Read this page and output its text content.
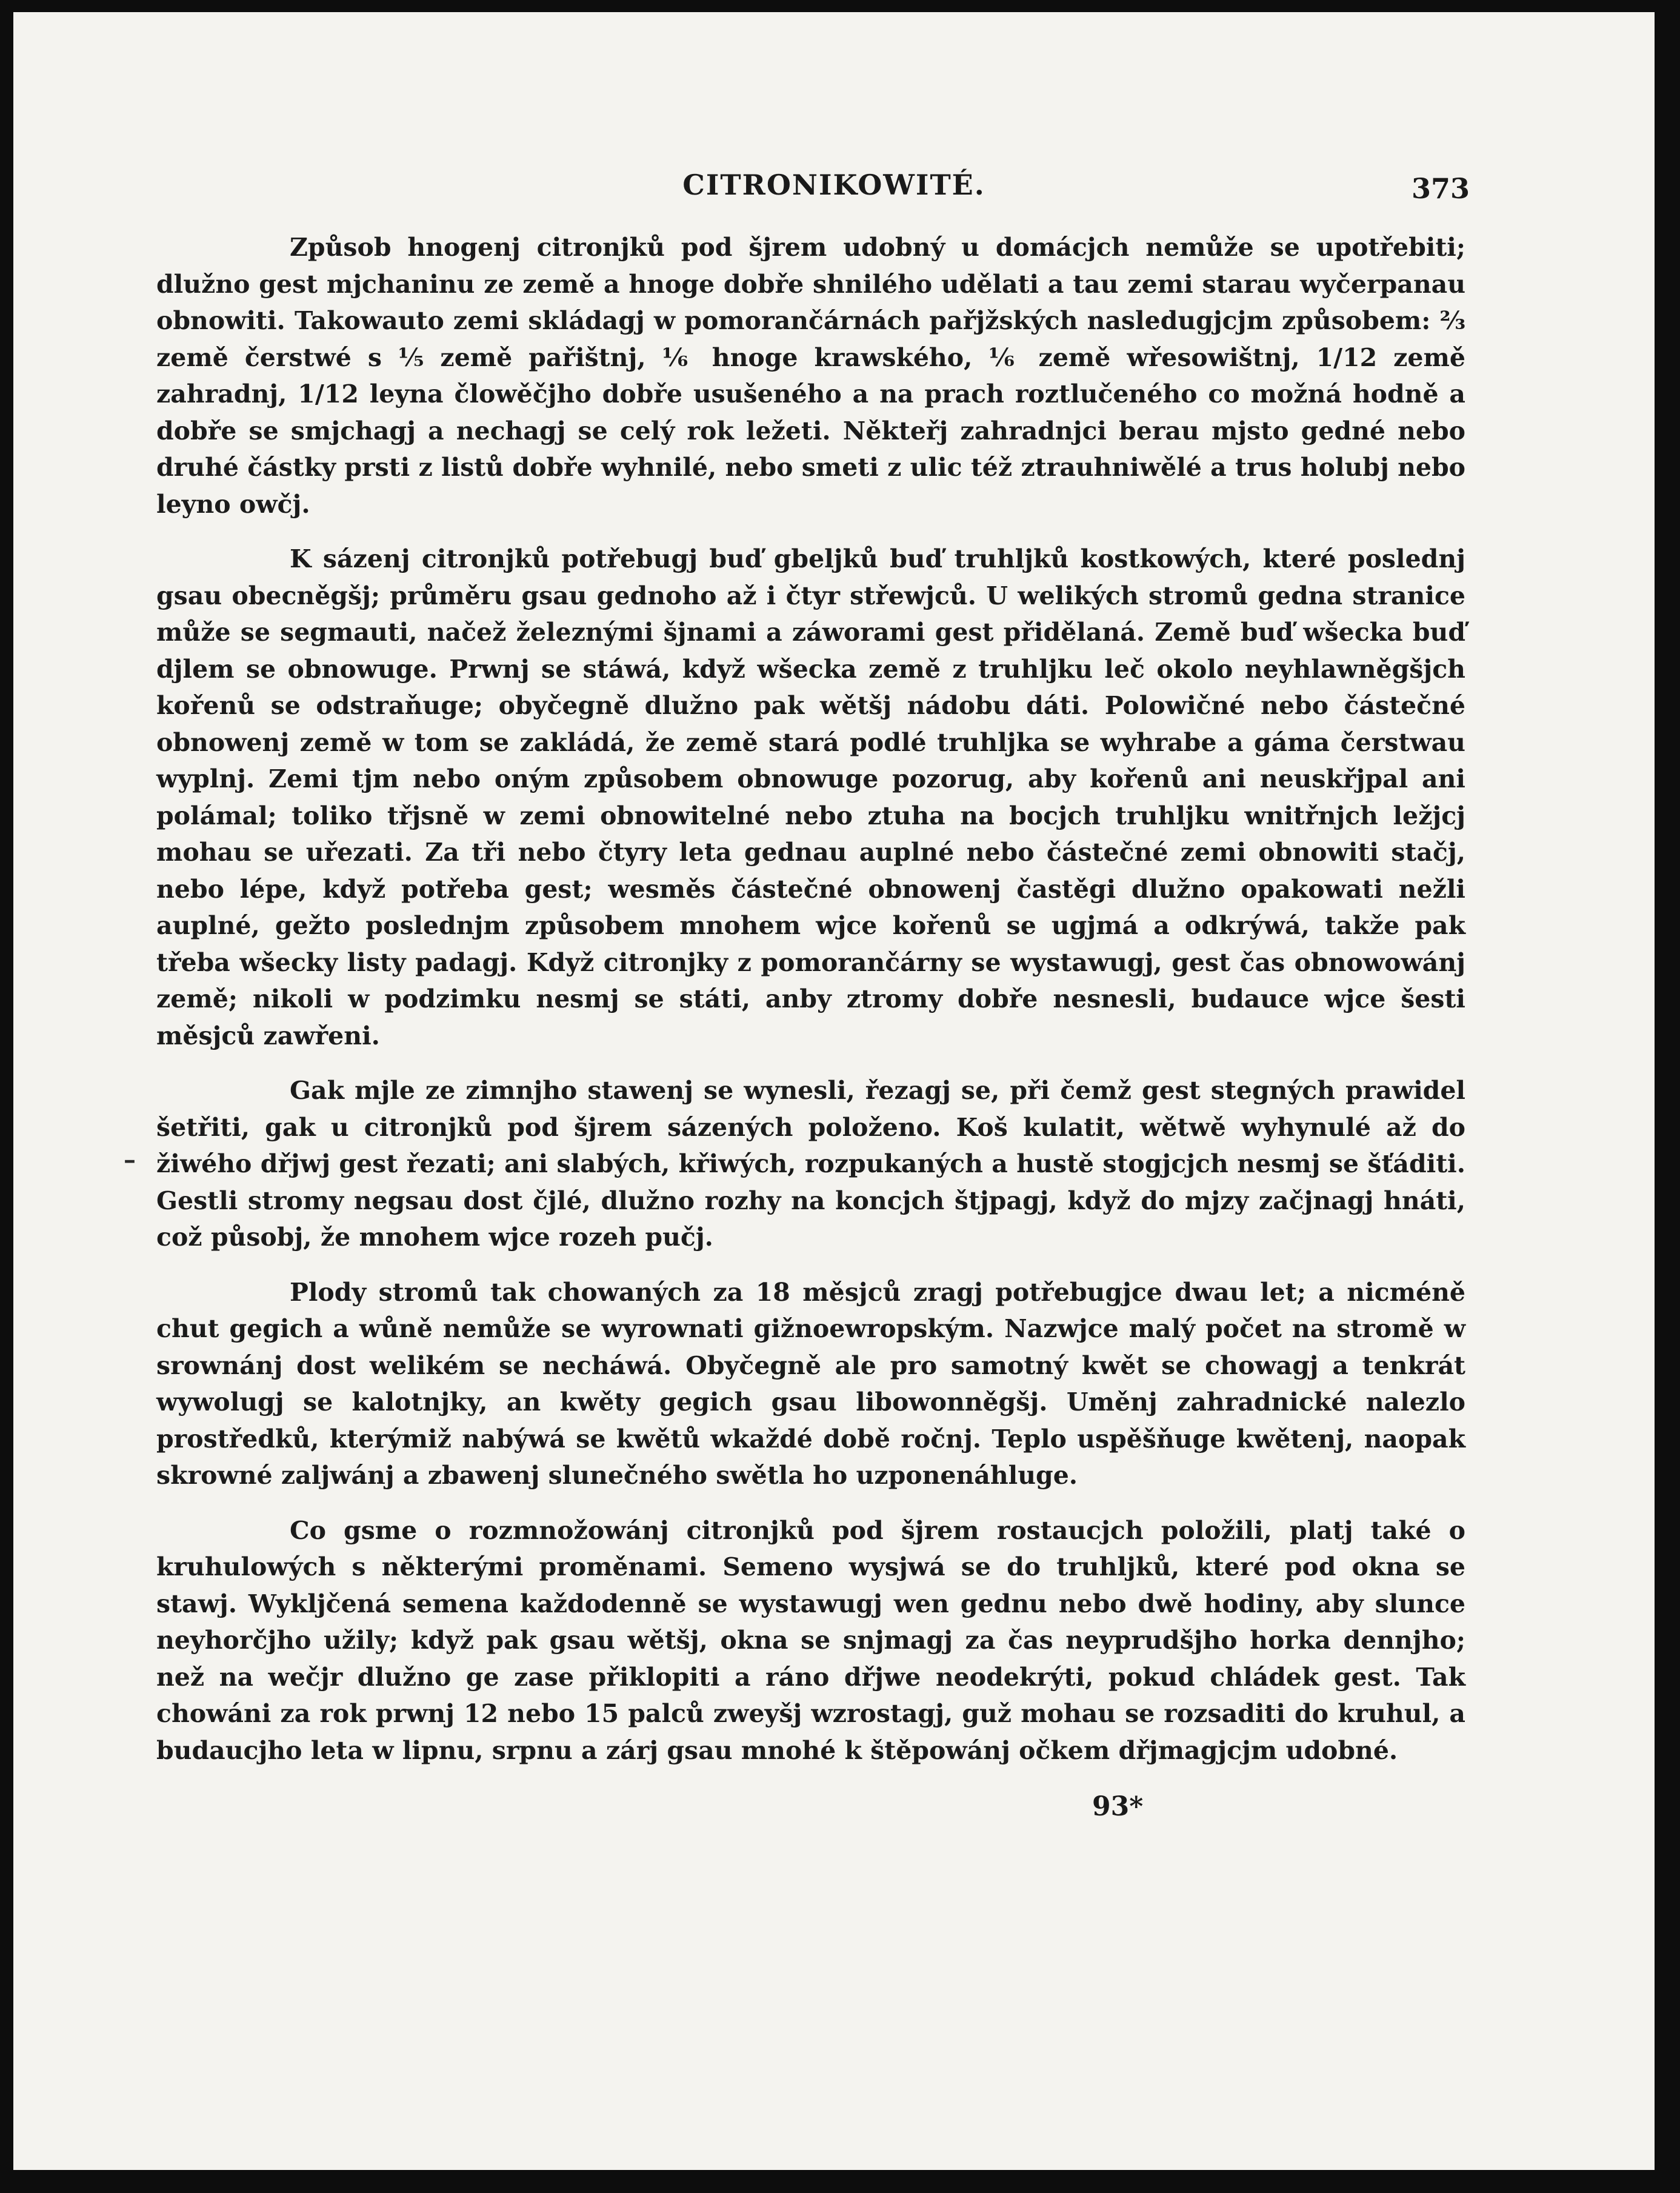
CITRONIKOWITÉ.	373

Způsob hnogenj citronjků pod šjrem udobný u domácjch nemůže se upotřebiti; dlužno gest mjchaninu ze země a hnoge dobře shnilého udělati a tau zemi starau wyčerpanau obnowiti. Takowauto zemi skládagj w pomorančárnách pařjžských nasledugjcjm způsobem: ⅔ země čerstwé s ⅕ země pařištnj, ⅙ hnoge krawského, ⅙ země wřesowištnj, 1/12 země zahradnj, 1/12 leyna člowěčjho dobře usušeného a na prach roztlučeného co možná hodně a dobře se smjchagj a nechagj se celý rok ležeti. Někteřj zahradnjci berau mjsto gedné nebo druhé částky prsti z listů dobře wyhnilé, nebo smeti z ulic též ztrauhniwělé a trus holubj nebo leyno owčj.

K sázenj citronjků potřebugj buď gbeljků buď truhljků kostkowých, které poslednj gsau obecněgšj; průměru gsau gednoho až i čtyr střewjců. U welikých stromů gedna stranice může se segmauti, načež železnými šjnami a záworami gest přidělaná. Země buď wšecka buď djlem se obnowuge. Prwnj se stáwá, když wšecka země z truhljku leč okolo neyhlawněgšjch kořenů se odstraňuge; obyčegně dlužno pak wětšj nádobu dáti. Polowičné nebo částečné obnowenj země w tom se zakládá, že země stará podlé truhljka se wyhrabe a gáma čerstwau wyplnj. Zemi tjm nebo oným způsobem obnowuge pozorug, aby kořenů ani neuskřjpal ani polámal; toliko třjsně w zemi obnowitelné nebo ztuha na bocjch truhljku wnitřnjch ležjcj mohau se uřezati. Za tři nebo čtyry leta gednau auplné nebo částečné zemi obnowiti stačj, nebo lépe, když potřeba gest; wesměs částečné obnowenj častěgi dlužno opakowati nežli auplné, gežto poslednjm způsobem mnohem wjce kořenů se ugjmá a odkrýwá, takže pak třeba wšecky listy padagj. Když citronjky z pomorančárny se wystawugj, gest čas obnowowánj země; nikoli w podzimku nesmj se státi, anby ztromy dobře nesnesli, budauce wjce šesti měsjců zawřeni.

Gak mjle ze zimnjho stawenj se wynesli, řezagj se, při čemž gest stegných prawidel šetřiti, gak u citronjků pod šjrem sázených položeno. Koš kulatit, wětwě wyhynulé až do žiwého dřjwj gest řezati; ani slabých, křiwých, rozpukaných a hustě stogjcjch nesmj se šťáditi. Gestli stromy negsau dost čjlé, dlužno rozhy na koncjch štjpagj, když do mjzy začjnagj hnáti, což působj, že mnohem wjce rozeh pučj.

Plody stromů tak chowaných za 18 měsjců zragj potřebugjce dwau let; a nicméně chut gegich a wůně nemůže se wyrownati gižnoewropským. Nazwjce malý počet na stromě w srownánj dost welikém se necháwá. Obyčegně ale pro samotný kwět se chowagj a tenkrát wywolugj se kalotnjky, an kwěty gegich gsau libowonněgšj. Uměnj zahradnické nalezlo prostředků, kterýmiž nabýwá se kwětů wkaždé době ročnj. Teplo uspěšňuge kwětenj, naopak skrowné zaljwánj a zbawenj slunečného swětla ho uzponenáhluge.

Co gsme o rozmnožowánj citronjků pod šjrem rostaucjch položili, platj také o kruhulowých s některými proměnami. Semeno wysjwá se do truhljků, které pod okna se stawj. Wykljčená semena každodenně se wystawugj wen gednu nebo dwě hodiny, aby slunce neyhorčjho užily; když pak gsau wětšj, okna se snjmagj za čas neyprudšjho horka dennjho; než na wečjr dlužno ge zase přiklopiti a ráno dřjwe neodekrýti, pokud chládek gest. Tak chowáni za rok prwnj 12 nebo 15 palců zweyšj wzrostagj, guž mohau se rozsaditi do kruhul, a budaucjho leta w lipnu, srpnu a zárj gsau mnohé k štěpowánj očkem dřjmagjcjm udobné.

–
93*
